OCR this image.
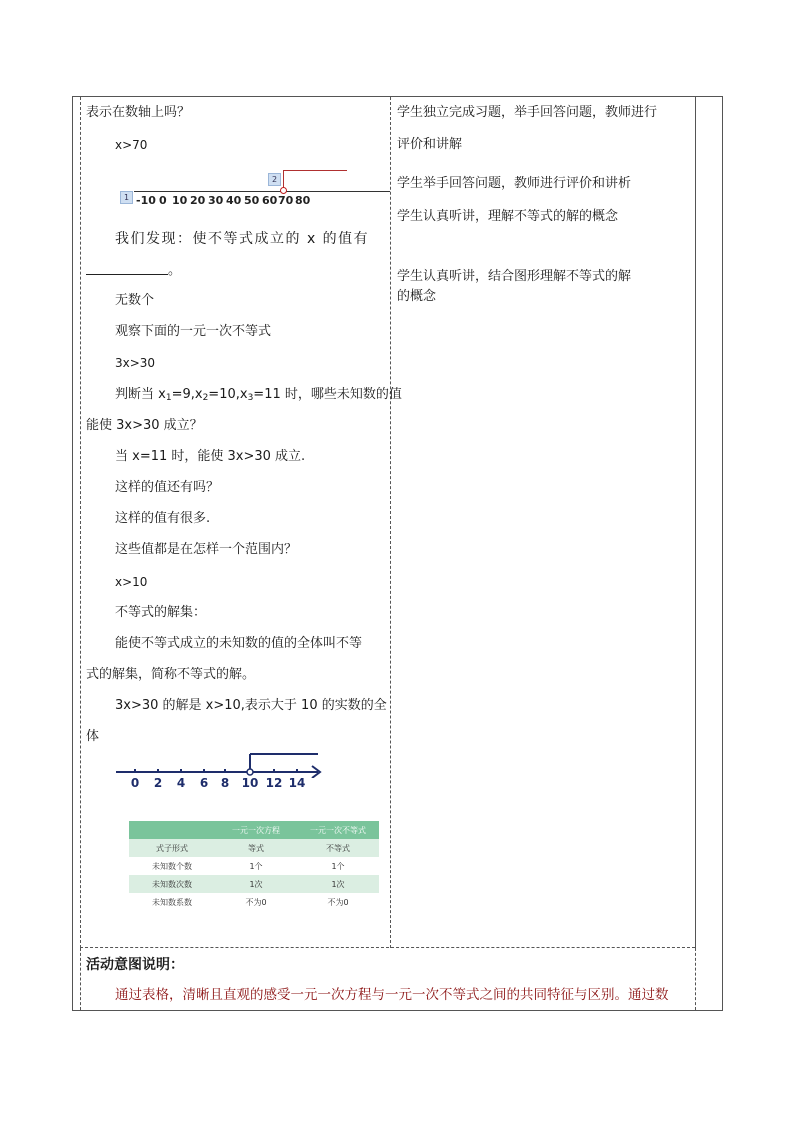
表示在数轴上吗？
x>70
1
2
-10 0 10 20 30 40 50 60 70 80
我们发现：使不等式成立的 x 的值有
。
无数个
观察下面的一元一次不等式
3x>30
判断当 $x_1=9,x_2=10,x_3=11$ 时，哪些未知数的值
能使 3x>30 成立？
当 x=11 时，能使 3x>30 成立.
这样的值还有吗？
这样的值有很多.
这些值都是在怎样一个范围内？
x>10
不等式的解集：
能使不等式成立的未知数的值的全体叫不等
式的解集，简称不等式的解。
3x>30 的解是 x>10,表示大于 10 的实数的全
体
0	2	4	6	8	10 12 14
	一元一次方程	一元一次不等式
式子形式	等式	不等式
未知数个数	1个	1个
未知数次数	1次	1次
未知数系数	不为0	不为0
学生独立完成习题，举手回答问题，教师进行
评价和讲解
学生举手回答问题，教师进行评价和讲析
学生认真听讲，理解不等式的解的概念
学生认真听讲，结合图形理解不等式的解
的概念
活动意图说明：
通过表格，清晰且直观的感受一元一次方程与一元一次不等式之间的共同特征与区别。通过数
